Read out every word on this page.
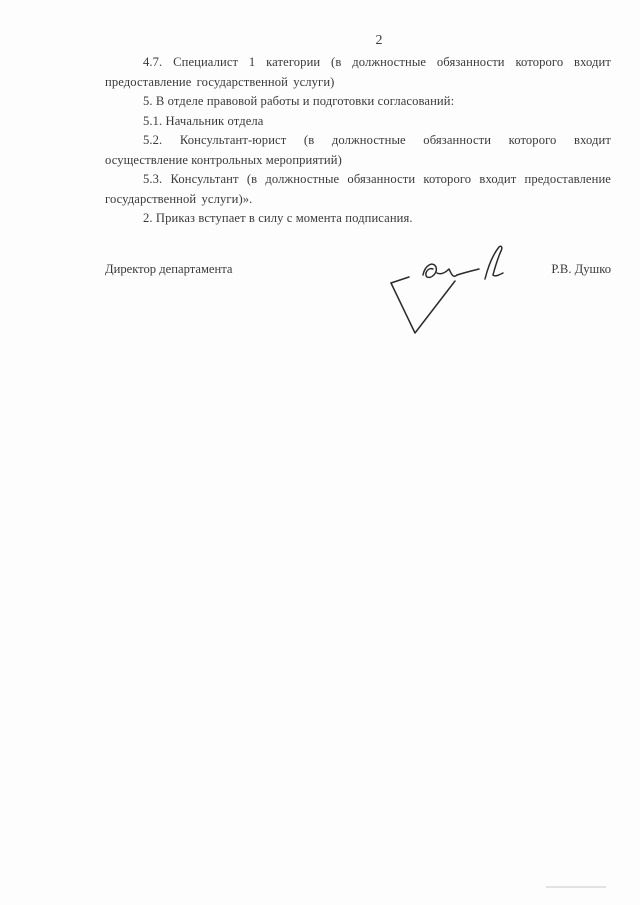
2

4.7. Специалист 1 категории (в должностные обязанности которого входит предоставление государственной услуги)

5. В отделе правовой работы и подготовки согласований:

5.1. Начальник отдела

5.2. Консультант-юрист (в должностные обязанности которого входит осуществление контрольных мероприятий)

5.3. Консультант (в должностные обязанности которого входит предоставление государственной услуги)».

2. Приказ вступает в силу с момента подписания.

Директор департамента	Р.В. Душко
